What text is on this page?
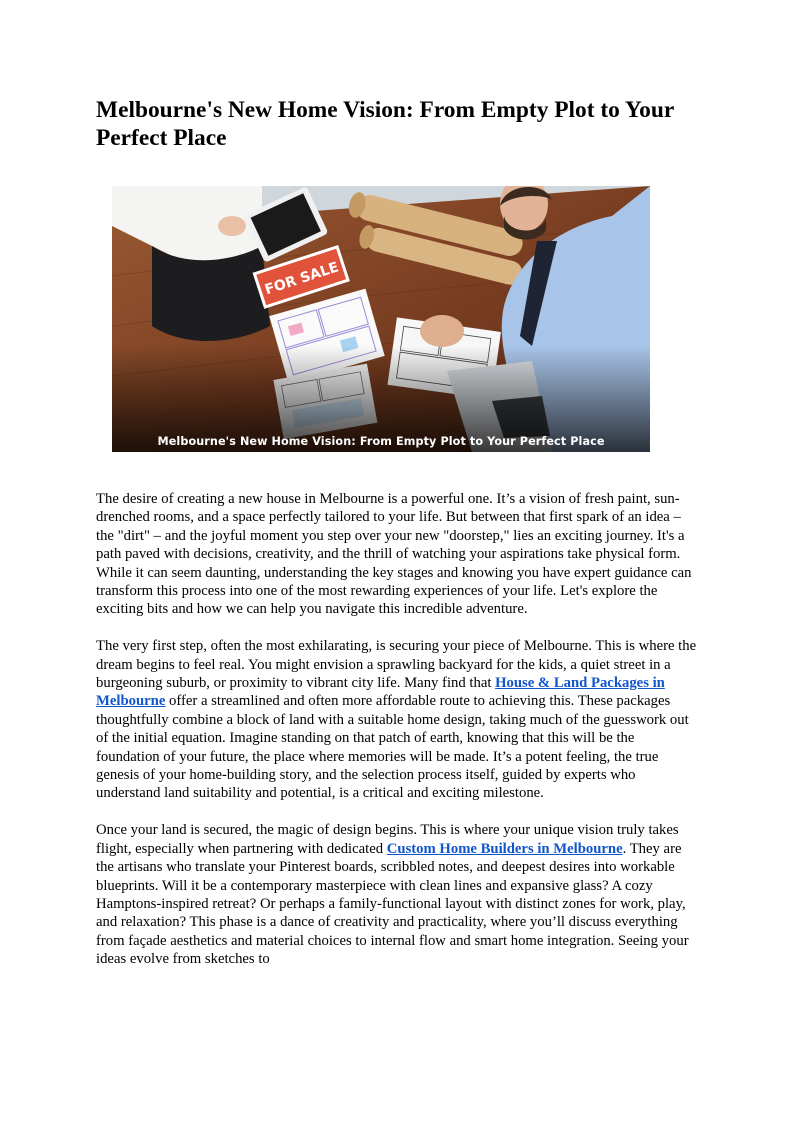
Melbourne's New Home Vision: From Empty Plot to Your Perfect Place
Melbourne's New Home Vision: From Empty Plot to Your Perfect Place

The desire of creating a new house in Melbourne is a powerful one. It’s a vision of fresh paint, sun-drenched rooms, and a space perfectly tailored to your life. But between that first spark of an idea – the "dirt" – and the joyful moment you step over your new "doorstep," lies an exciting journey. It's a path paved with decisions, creativity, and the thrill of watching your aspirations take physical form. While it can seem daunting, understanding the key stages and knowing you have expert guidance can transform this process into one of the most rewarding experiences of your life. Let's explore the exciting bits and how we can help you navigate this incredible adventure.

The very first step, often the most exhilarating, is securing your piece of Melbourne. This is where the dream begins to feel real. You might envision a sprawling backyard for the kids, a quiet street in a burgeoning suburb, or proximity to vibrant city life. Many find that House & Land Packages in Melbourne offer a streamlined and often more affordable route to achieving this. These packages thoughtfully combine a block of land with a suitable home design, taking much of the guesswork out of the initial equation. Imagine standing on that patch of earth, knowing that this will be the foundation of your future, the place where memories will be made. It’s a potent feeling, the true genesis of your home-building story, and the selection process itself, guided by experts who understand land suitability and potential, is a critical and exciting milestone.

Once your land is secured, the magic of design begins. This is where your unique vision truly takes flight, especially when partnering with dedicated Custom Home Builders in Melbourne. They are the artisans who translate your Pinterest boards, scribbled notes, and deepest desires into workable blueprints. Will it be a contemporary masterpiece with clean lines and expansive glass? A cozy Hamptons-inspired retreat? Or perhaps a family-functional layout with distinct zones for work, play, and relaxation? This phase is a dance of creativity and practicality, where you’ll discuss everything from façade aesthetics and material choices to internal flow and smart home integration. Seeing your ideas evolve from sketches to
